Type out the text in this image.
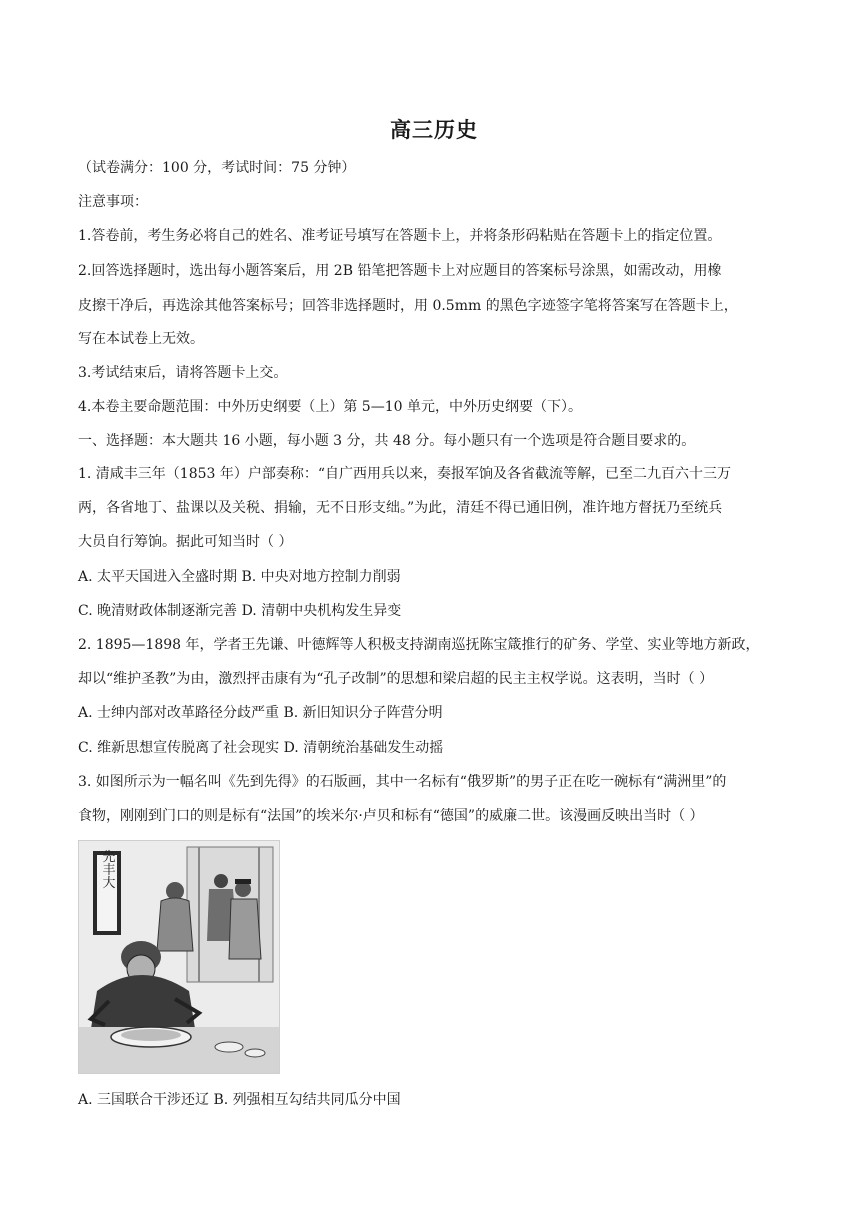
高三历史
（试卷满分：100 分，考试时间：75 分钟）
注意事项：
1.答卷前，考生务必将自己的姓名、准考证号填写在答题卡上，并将条形码粘贴在答题卡上的指定位置。
2.回答选择题时，选出每小题答案后，用 2B 铅笔把答题卡上对应题目的答案标号涂黑，如需改动，用橡
皮擦干净后，再选涂其他答案标号；回答非选择题时，用 0.5mm 的黑色字迹签字笔将答案写在答题卡上，
写在本试卷上无效。
3.考试结束后，请将答题卡上交。
4.本卷主要命题范围：中外历史纲要（上）第 5—10 单元，中外历史纲要（下）。
一、选择题：本大题共 16 小题，每小题 3 分，共 48 分。每小题只有一个选项是符合题目要求的。
1. 清咸丰三年（1853 年）户部奏称：“自广西用兵以来，奏报军饷及各省截流等解，已至二九百六十三万
两，各省地丁、盐课以及关税、捐输，无不日形支绌。”为此，清廷不得已通旧例，准许地方督抚乃至统兵
大员自行筹饷。据此可知当时（ ）
A. 太平天国进入全盛时期 B. 中央对地方控制力削弱
C. 晚清财政体制逐渐完善 D. 清朝中央机构发生异变
2. 1895—1898 年，学者王先谦、叶德辉等人积极支持湖南巡抚陈宝箴推行的矿务、学堂、实业等地方新政，
却以“维护圣教”为由，激烈抨击康有为“孔子改制”的思想和梁启超的民主主权学说。这表明，当时（ ）
A. 士绅内部对改革路径分歧严重 B. 新旧知识分子阵营分明
C. 维新思想宣传脱离了社会现实 D. 清朝统治基础发生动摇
3. 如图所示为一幅名叫《先到先得》的石版画，其中一名标有“俄罗斯”的男子正在吃一碗标有“满洲里”的
食物，刚刚到门口的则是标有“法国”的埃米尔·卢贝和标有“德国”的威廉二世。该漫画反映出当时（ ）
先丰大
A. 三国联合干涉还辽 B. 列强相互勾结共同瓜分中国
